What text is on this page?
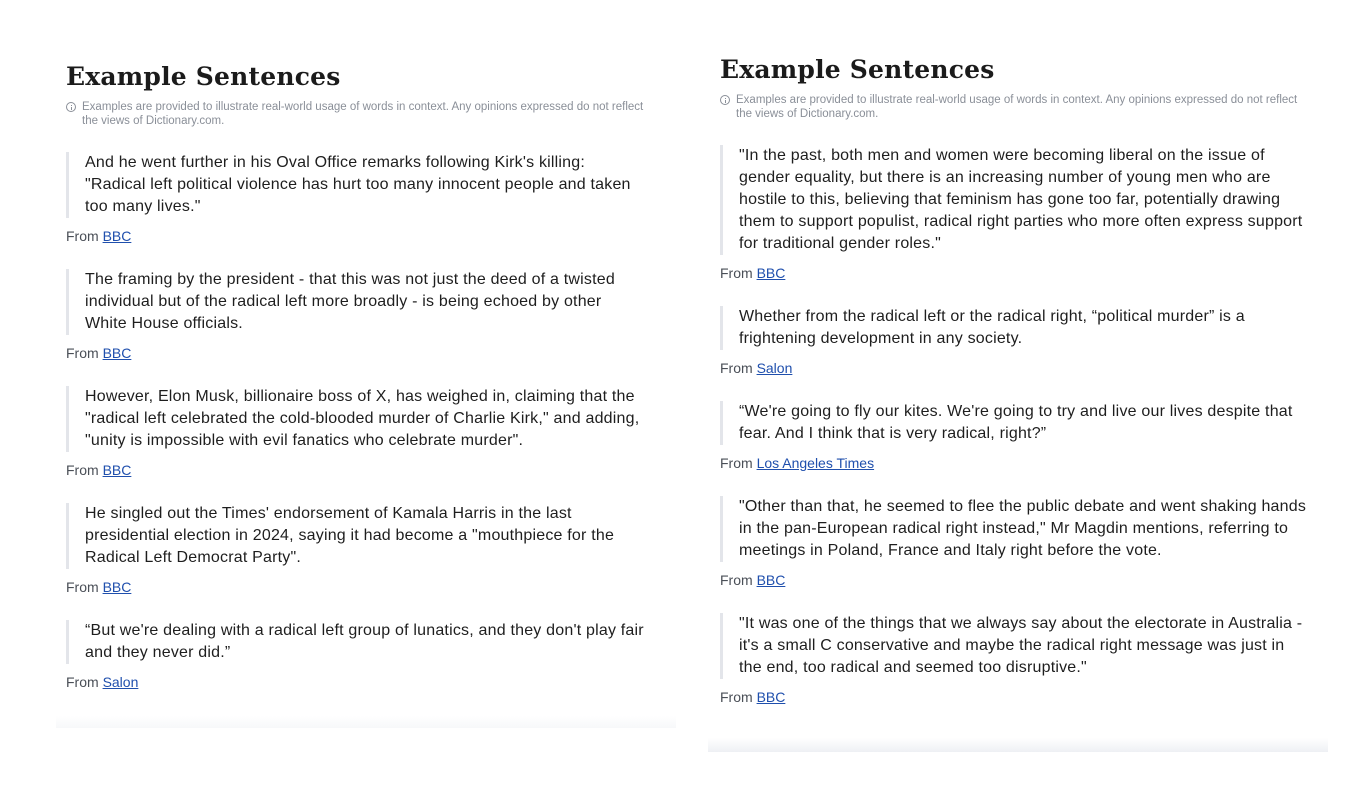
Example Sentences
Examples are provided to illustrate real-world usage of words in context. Any opinions expressed do not reflect the views of Dictionary.com.
And he went further in his Oval Office remarks following Kirk's killing: "Radical left political violence has hurt too many innocent people and taken too many lives."
From BBC
The framing by the president - that this was not just the deed of a twisted individual but of the radical left more broadly - is being echoed by other White House officials.
From BBC
However, Elon Musk, billionaire boss of X, has weighed in, claiming that the "radical left celebrated the cold-blooded murder of Charlie Kirk," and adding, "unity is impossible with evil fanatics who celebrate murder".
From BBC
He singled out the Times' endorsement of Kamala Harris in the last presidential election in 2024, saying it had become a "mouthpiece for the Radical Left Democrat Party".
From BBC
“But we're dealing with a radical left group of lunatics, and they don't play fair and they never did.”
From Salon
Example Sentences
Examples are provided to illustrate real-world usage of words in context. Any opinions expressed do not reflect the views of Dictionary.com.
"In the past, both men and women were becoming liberal on the issue of gender equality, but there is an increasing number of young men who are hostile to this, believing that feminism has gone too far, potentially drawing them to support populist, radical right parties who more often express support for traditional gender roles."
From BBC
Whether from the radical left or the radical right, “political murder” is a frightening development in any society.
From Salon
“We're going to fly our kites. We're going to try and live our lives despite that fear. And I think that is very radical, right?”
From Los Angeles Times
"Other than that, he seemed to flee the public debate and went shaking hands in the pan-European radical right instead," Mr Magdin mentions, referring to meetings in Poland, France and Italy right before the vote.
From BBC
"It was one of the things that we always say about the electorate in Australia - it's a small C conservative and maybe the radical right message was just in the end, too radical and seemed too disruptive."
From BBC
